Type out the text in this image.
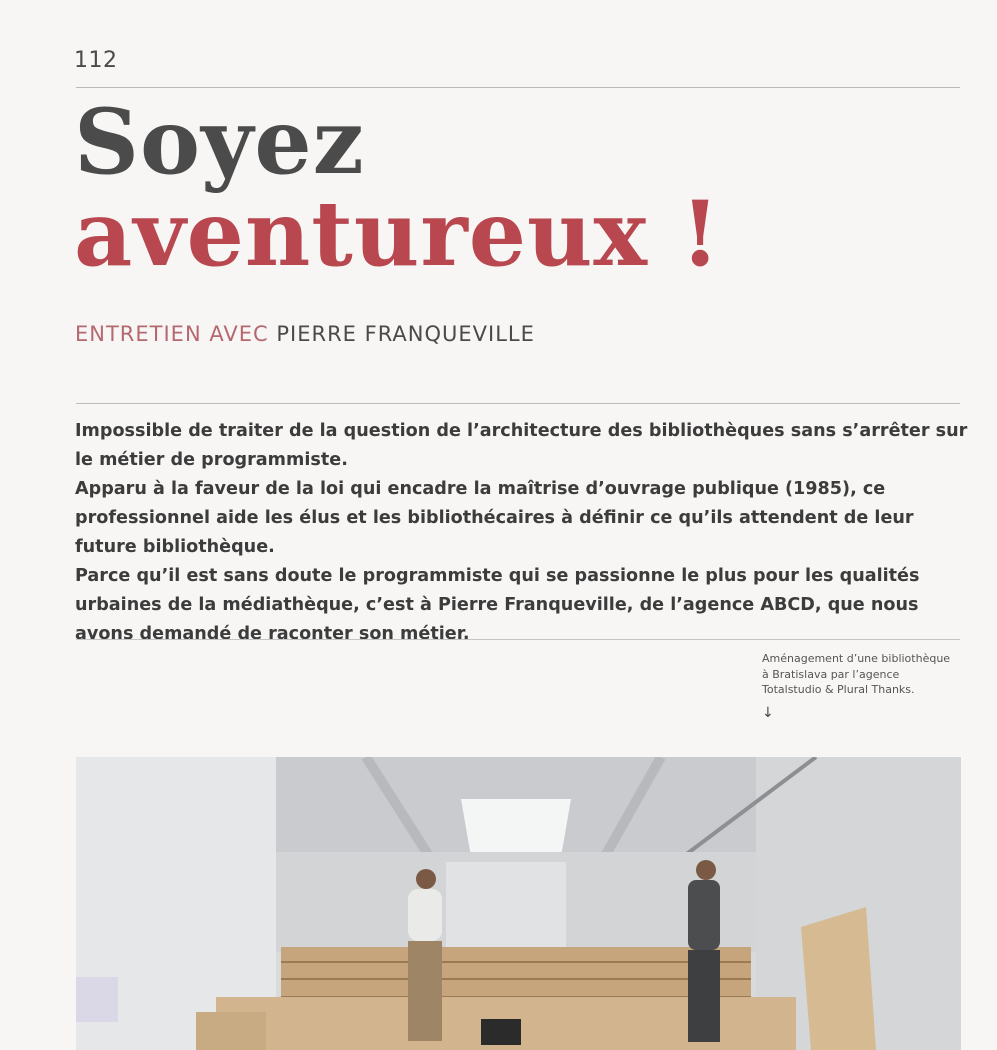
112
Soyez
aventureux !
ENTRETIEN AVEC PIERRE FRANQUEVILLE

Impossible de traiter de la question de l’architecture des bibliothèques sans s’arrêter sur le métier de programmiste.
Apparu à la faveur de la loi qui encadre la maîtrise d’ouvrage publique (1985), ce professionnel aide les élus et les bibliothécaires à définir ce qu’ils attendent de leur future bibliothèque.
Parce qu’il est sans doute le programmiste qui se passionne le plus pour les qualités urbaines de la médiathèque, c’est à Pierre Franqueville, de l’agence ABCD, que nous avons demandé de raconter son métier.

Aménagement d’une bibliothèque
à Bratislava par l’agence
Totalstudio & Plural Thanks.
↓
